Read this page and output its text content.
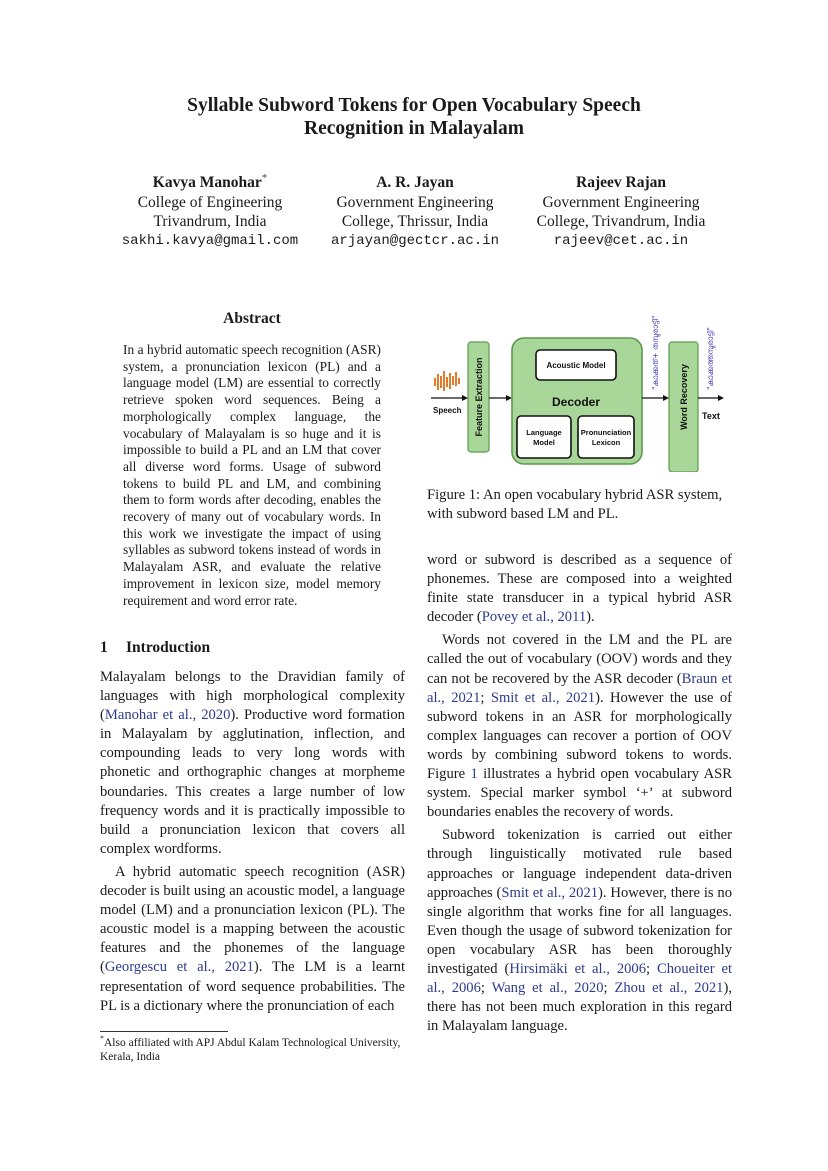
Syllable Subword Tokens for Open Vocabulary Speech
Recognition in Malayalam
Kavya Manohar*
College of Engineering
Trivandrum, India
sakhi.kavya@gmail.com
A. R. Jayan
Government Engineering
College, Thrissur, India
arjayan@gectcr.ac.in
Rajeev Rajan
Government Engineering
College, Trivandrum, India
rajeev@cet.ac.in
Abstract
In a hybrid automatic speech recognition (ASR) system, a pronunciation lexicon (PL) and a language model (LM) are essential to correctly retrieve spoken word sequences. Being a morphologically complex language, the vocabulary of Malayalam is so huge and it is impossible to build a PL and an LM that cover all diverse word forms. Usage of subword tokens to build PL and LM, and combining them to form words after decoding, enables the recovery of many out of vocabulary words. In this work we investigate the impact of using syllables as subword tokens instead of words in Malayalam ASR, and evaluate the relative improvement in lexicon size, model memory requirement and word error rate.
1 Introduction

Malayalam belongs to the Dravidian family of languages with high morphological complexity (Manohar et al., 2020). Productive word formation in Malayalam by agglutination, inflection, and compounding leads to very long words with phonetic and orthographic changes at morpheme boundaries. This creates a large number of low frequency words and it is practically impossible to build a pronunciation lexicon that covers all complex wordforms.

A hybrid automatic speech recognition (ASR) decoder is built using an acoustic model, a language model (LM) and a pronunciation lexicon (PL). The acoustic model is a mapping between the acoustic features and the phonemes of the language (Georgescu et al., 2021). The LM is a learnt representation of word sequence probabilities. The PL is a dictionary where the pronunciation of each

*Also affiliated with APJ Abdul Kalam Technological University, Kerala, India
Speech Feature Extraction	Acoustic Model
Decoder
Language
Model
Pronunciation
Lexicon
"കാക്കത്+ തമ്പുരാട്ടി"
Word Recovery Text
"കാക്കത്തമ്പുരാട്ടി"
Figure 1: An open vocabulary hybrid ASR system, with subword based LM and PL.

word or subword is described as a sequence of phonemes. These are composed into a weighted finite state transducer in a typical hybrid ASR decoder (Povey et al., 2011).

Words not covered in the LM and the PL are called the out of vocabulary (OOV) words and they can not be recovered by the ASR decoder (Braun et al., 2021; Smit et al., 2021). However the use of subword tokens in an ASR for morphologically complex languages can recover a portion of OOV words by combining subword tokens to words. Figure 1 illustrates a hybrid open vocabulary ASR system. Special marker symbol ‘+’ at subword boundaries enables the recovery of words.

Subword tokenization is carried out either through linguistically motivated rule based approaches or language independent data-driven approaches (Smit et al., 2021). However, there is no single algorithm that works fine for all languages. Even though the usage of subword tokenization for open vocabulary ASR has been thoroughly investigated (Hirsimäki et al., 2006; Choueiter et al., 2006; Wang et al., 2020; Zhou et al., 2021), there has not been much exploration in this regard in Malayalam language.
